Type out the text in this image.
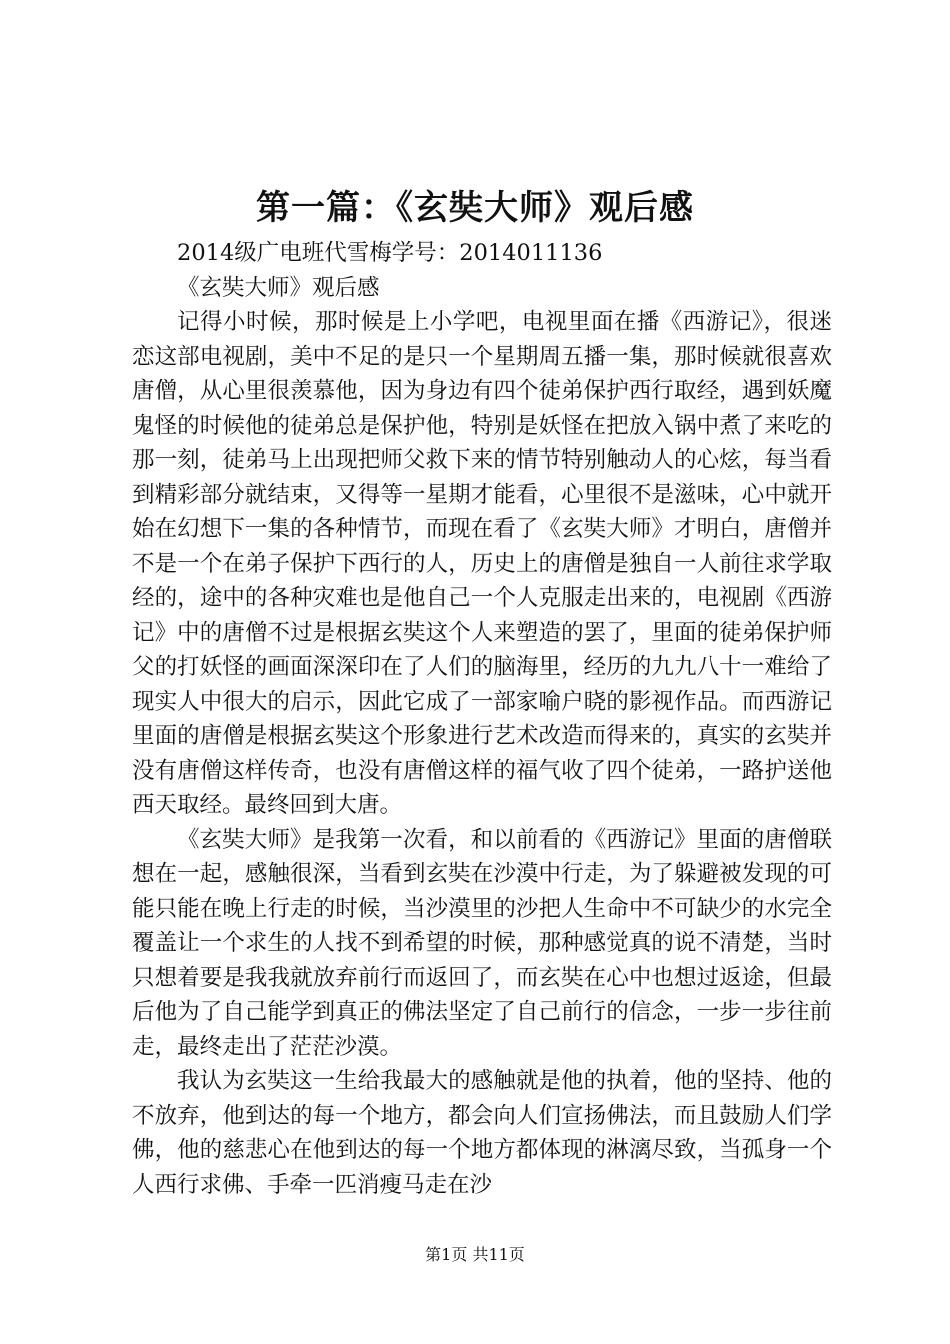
第一篇：《玄奘大师》观后感

2014级广电班代雪梅学号：2014011136

《玄奘大师》观后感

记得小时候，那时候是上小学吧，电视里面在播《西游记》，很迷恋这部电视剧，美中不足的是只一个星期周五播一集，那时候就很喜欢唐僧，从心里很羡慕他，因为身边有四个徒弟保护西行取经，遇到妖魔鬼怪的时候他的徒弟总是保护他，特别是妖怪在把放入锅中煮了来吃的那一刻，徒弟马上出现把师父救下来的情节特别触动人的心炫，每当看到精彩部分就结束，又得等一星期才能看，心里很不是滋味，心中就开始在幻想下一集的各种情节，而现在看了《玄奘大师》才明白，唐僧并不是一个在弟子保护下西行的人，历史上的唐僧是独自一人前往求学取经的，途中的各种灾难也是他自己一个人克服走出来的，电视剧《西游记》中的唐僧不过是根据玄奘这个人来塑造的罢了，里面的徒弟保护师父的打妖怪的画面深深印在了人们的脑海里，经历的九九八十一难给了现实人中很大的启示，因此它成了一部家喻户晓的影视作品。而西游记里面的唐僧是根据玄奘这个形象进行艺术改造而得来的，真实的玄奘并没有唐僧这样传奇，也没有唐僧这样的福气收了四个徒弟，一路护送他西天取经。最终回到大唐。

《玄奘大师》是我第一次看，和以前看的《西游记》里面的唐僧联想在一起，感触很深，当看到玄奘在沙漠中行走，为了躲避被发现的可能只能在晚上行走的时候，当沙漠里的沙把人生命中不可缺少的水完全覆盖让一个求生的人找不到希望的时候，那种感觉真的说不清楚，当时只想着要是我我就放弃前行而返回了，而玄奘在心中也想过返途，但最后他为了自己能学到真正的佛法坚定了自己前行的信念，一步一步往前走，最终走出了茫茫沙漠。

我认为玄奘这一生给我最大的感触就是他的执着，他的坚持、他的不放弃，他到达的每一个地方，都会向人们宣扬佛法，而且鼓励人们学佛，他的慈悲心在他到达的每一个地方都体现的淋漓尽致，当孤身一个人西行求佛、手牵一匹消瘦马走在沙

第1页 共11页
